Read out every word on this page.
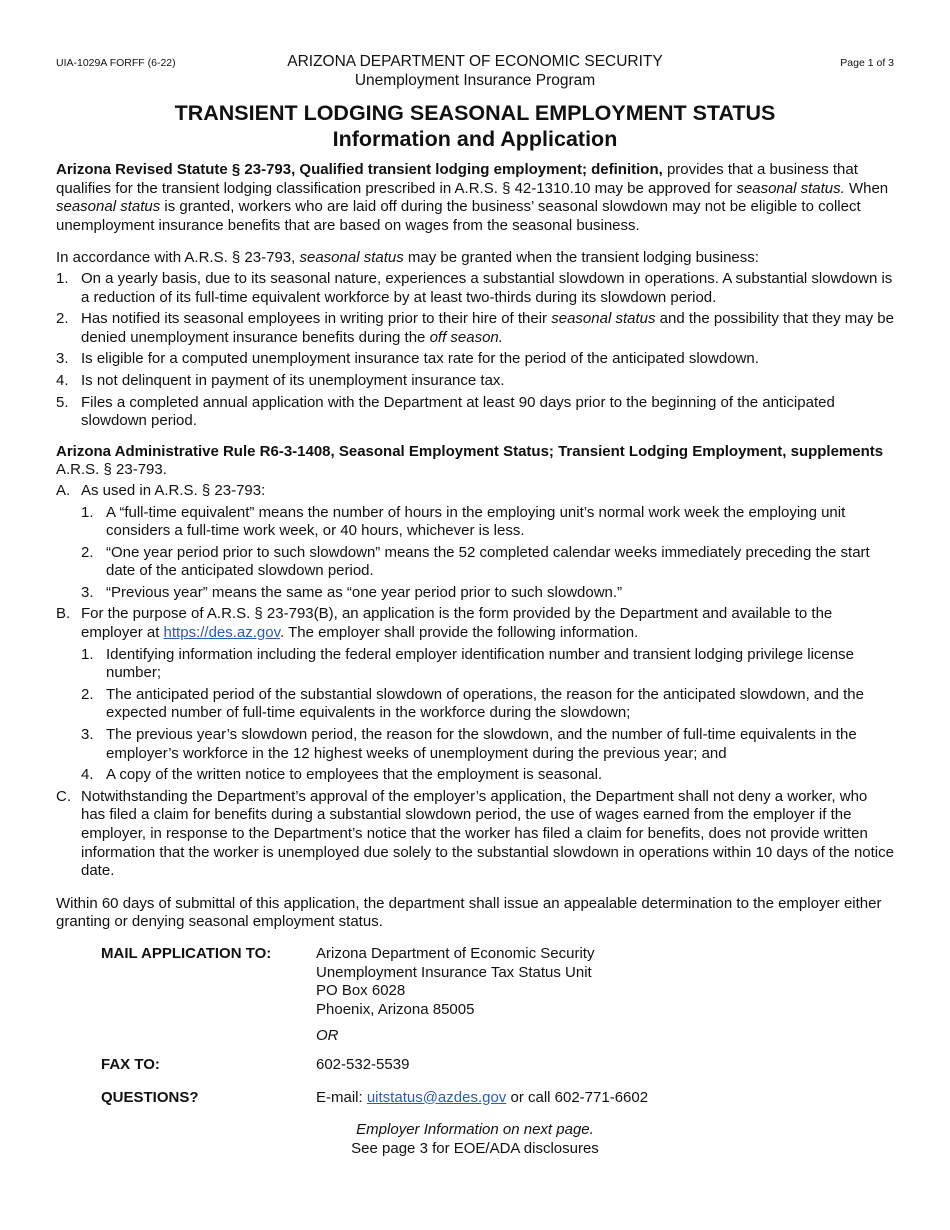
UIA-1029A FORFF (6-22)	ARIZONA DEPARTMENT OF ECONOMIC SECURITY
Unemployment Insurance Program
Page 1 of 3
TRANSIENT LODGING SEASONAL EMPLOYMENT STATUS
Information and Application

Arizona Revised Statute § 23-793, Qualified transient lodging employment; definition, provides that a business that qualifies for the transient lodging classification prescribed in A.R.S. § 42-1310.10 may be approved for seasonal status. When seasonal status is granted, workers who are laid off during the business’ seasonal slowdown may not be eligible to collect unemployment insurance benefits that are based on wages from the seasonal business.

In accordance with A.R.S. § 23-793, seasonal status may be granted when the transient lodging business:

1. On a yearly basis, due to its seasonal nature, experiences a substantial slowdown in operations. A substantial slowdown is a reduction of its full-time equivalent workforce by at least two-thirds during its slowdown period.
2. Has notified its seasonal employees in writing prior to their hire of their seasonal status and the possibility that they may be denied unemployment insurance benefits during the off season.
3. Is eligible for a computed unemployment insurance tax rate for the period of the anticipated slowdown.
4. Is not delinquent in payment of its unemployment insurance tax.
5. Files a completed annual application with the Department at least 90 days prior to the beginning of the anticipated slowdown period.

Arizona Administrative Rule R6-3-1408, Seasonal Employment Status; Transient Lodging Employment, supplements A.R.S. § 23-793.

A. As used in A.R.S. § 23-793:
1. A “full-time equivalent” means the number of hours in the employing unit’s normal work week the employing unit considers a full-time work week, or 40 hours, whichever is less.
2. “One year period prior to such slowdown” means the 52 completed calendar weeks immediately preceding the start date of the anticipated slowdown period.
3. “Previous year” means the same as “one year period prior to such slowdown.”
B. For the purpose of A.R.S. § 23-793(B), an application is the form provided by the Department and available to the employer at https://des.az.gov. The employer shall provide the following information.
1. Identifying information including the federal employer identification number and transient lodging privilege license number;
2. The anticipated period of the substantial slowdown of operations, the reason for the anticipated slowdown, and the expected number of full-time equivalents in the workforce during the slowdown;
3. The previous year’s slowdown period, the reason for the slowdown, and the number of full-time equivalents in the employer’s workforce in the 12 highest weeks of unemployment during the previous year; and
4. A copy of the written notice to employees that the employment is seasonal.
C. Notwithstanding the Department’s approval of the employer’s application, the Department shall not deny a worker, who has filed a claim for benefits during a substantial slowdown period, the use of wages earned from the employer if the employer, in response to the Department’s notice that the worker has filed a claim for benefits, does not provide written information that the worker is unemployed due solely to the substantial slowdown in operations within 10 days of the notice date.

Within 60 days of submittal of this application, the department shall issue an appealable determination to the employer either granting or denying seasonal employment status.

MAIL APPLICATION TO:	Arizona Department of Economic Security
Unemployment Insurance Tax Status Unit
PO Box 6028
Phoenix, Arizona 85005
OR
FAX TO:	602-532-5539
QUESTIONS?	E-mail: uitstatus@azdes.gov or call 602-771-6602
Employer Information on next page.
See page 3 for EOE/ADA disclosures
